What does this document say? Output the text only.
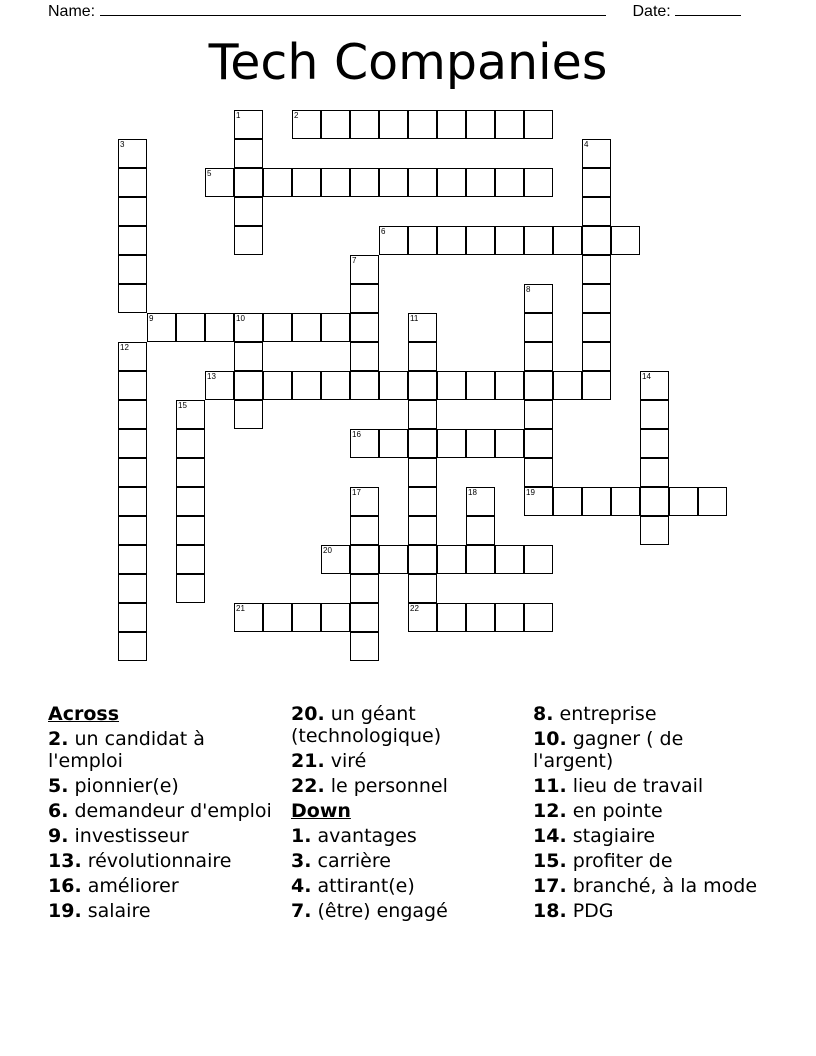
Name:	Date:
Tech Companies
1	2
3	4
5
6
7
8
9	10	11
12
13	14
15
16
17	18	19
20
21	22
Across
2. un candidat à l'emploi
5. pionnier(e)
6. demandeur d'emploi
9. investisseur
13. révolutionnaire
16. améliorer
19. salaire
20. un géant (technologique)
21. viré
22. le personnel
Down
1. avantages
3. carrière
4. attirant(e)
7. (être) engagé
8. entreprise
10. gagner ( de l'argent)
11. lieu de travail
12. en pointe
14. stagiaire
15. profiter de
17. branché, à la mode
18. PDG
